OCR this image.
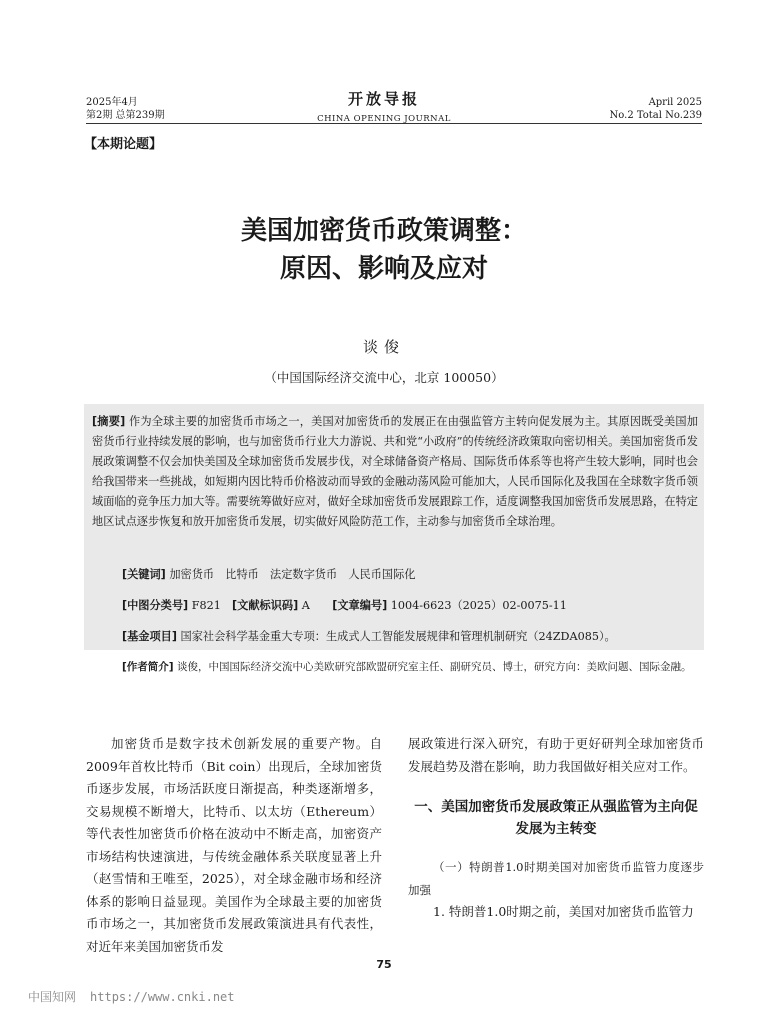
2025年4月
第2期 总第239期
开放导报
CHINA OPENING JOURNAL
April 2025
No.2 Total No.239
【本期论题】
美国加密货币政策调整：
原因、影响及应对
谈俊
（中国国际经济交流中心，北京 100050）
[摘要] 作为全球主要的加密货币市场之一，美国对加密货币的发展正在由强监管方主转向促发展为主。其原因既受美国加密货币行业持续发展的影响，也与加密货币行业大力游说、共和党“小政府”的传统经济政策取向密切相关。美国加密货币发展政策调整不仅会加快美国及全球加密货币发展步伐，对全球储备资产格局、国际货币体系等也将产生较大影响，同时也会给我国带来一些挑战，如短期内因比特币价格波动而导致的金融动荡风险可能加大，人民币国际化及我国在全球数字货币领域面临的竞争压力加大等。需要统筹做好应对，做好全球加密货币发展跟踪工作，适度调整我国加密货币发展思路，在特定地区试点逐步恢复和放开加密货币发展，切实做好风险防范工作，主动参与加密货币全球治理。
[关键词] 加密货币　比特币　法定数字货币　人民币国际化
[中图分类号] F821　[文献标识码] A　　[文章编号] 1004-6623（2025）02-0075-11
[基金项目] 国家社会科学基金重大专项：生成式人工智能发展规律和管理机制研究（24ZDA085）。
[作者简介] 谈俊，中国国际经济交流中心美欧研究部欧盟研究室主任、副研究员、博士，研究方向：美欧问题、国际金融。

加密货币是数字技术创新发展的重要产物。自2009年首枚比特币（Bit coin）出现后，全球加密货币逐步发展，市场活跃度日渐提高，种类逐渐增多，交易规模不断增大，比特币、以太坊（Ethereum）等代表性加密货币价格在波动中不断走高，加密资产市场结构快速演进，与传统金融体系关联度显著上升（赵雪情和王唯至，2025），对全球金融市场和经济体系的影响日益显现。美国作为全球最主要的加密货币市场之一，其加密货币发展政策演进具有代表性，对近年来美国加密货币发

展政策进行深入研究，有助于更好研判全球加密货币发展趋势及潜在影响，助力我国做好相关应对工作。

一、美国加密货币发展政策正从强监管为主向促发展为主转变

（一）特朗普1.0时期美国对加密货币监管力度逐步加强

1. 特朗普1.0时期之前，美国对加密货币监管力

75
中国知网 https://www.cnki.net
